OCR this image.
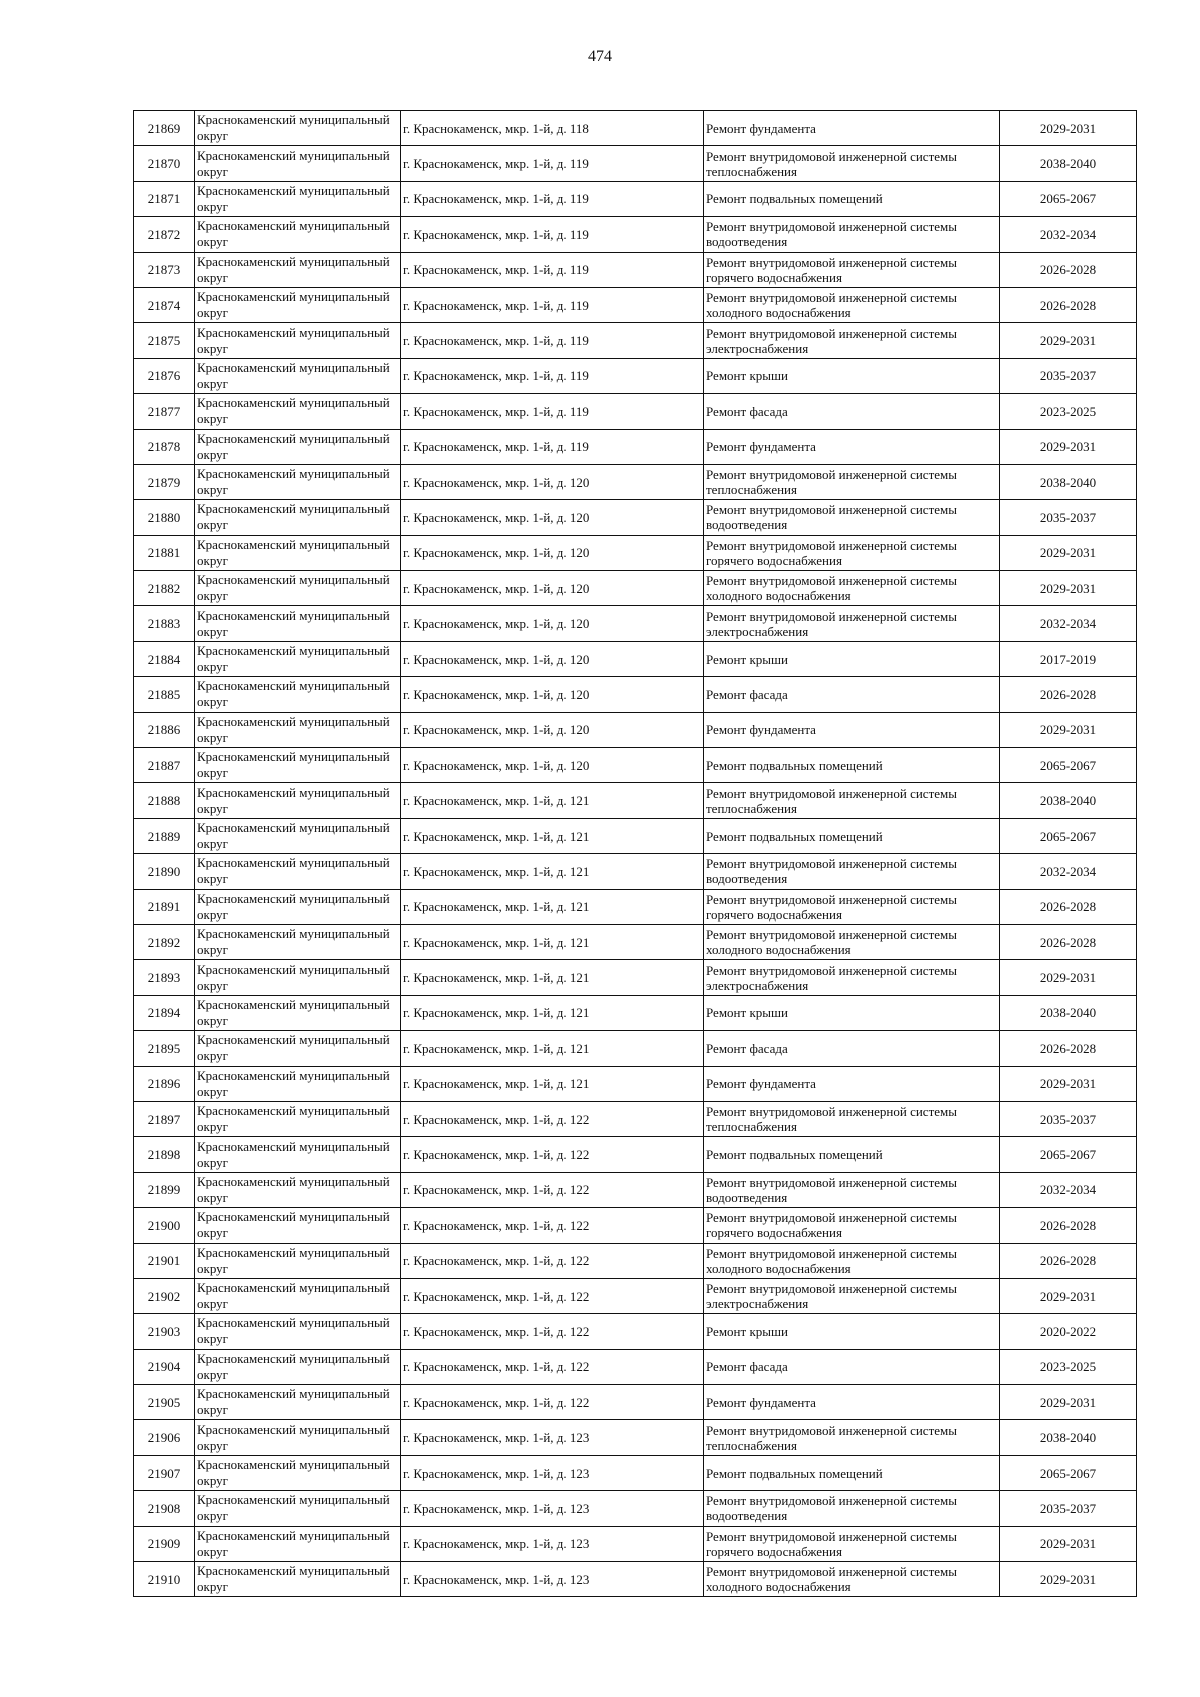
474
21869	Краснокаменский муниципальный округ	г. Краснокаменск, мкр. 1-й, д. 118	Ремонт фундамента	2029-2031
21870	Краснокаменский муниципальный округ	г. Краснокаменск, мкр. 1-й, д. 119	Ремонт внутридомовой инженерной системы теплоснабжения	2038-2040
21871	Краснокаменский муниципальный округ	г. Краснокаменск, мкр. 1-й, д. 119	Ремонт подвальных помещений	2065-2067
21872	Краснокаменский муниципальный округ	г. Краснокаменск, мкр. 1-й, д. 119	Ремонт внутридомовой инженерной системы водоотведения	2032-2034
21873	Краснокаменский муниципальный округ	г. Краснокаменск, мкр. 1-й, д. 119	Ремонт внутридомовой инженерной системы горячего водоснабжения	2026-2028
21874	Краснокаменский муниципальный округ	г. Краснокаменск, мкр. 1-й, д. 119	Ремонт внутридомовой инженерной системы холодного водоснабжения	2026-2028
21875	Краснокаменский муниципальный округ	г. Краснокаменск, мкр. 1-й, д. 119	Ремонт внутридомовой инженерной системы электроснабжения	2029-2031
21876	Краснокаменский муниципальный округ	г. Краснокаменск, мкр. 1-й, д. 119	Ремонт крыши	2035-2037
21877	Краснокаменский муниципальный округ	г. Краснокаменск, мкр. 1-й, д. 119	Ремонт фасада	2023-2025
21878	Краснокаменский муниципальный округ	г. Краснокаменск, мкр. 1-й, д. 119	Ремонт фундамента	2029-2031
21879	Краснокаменский муниципальный округ	г. Краснокаменск, мкр. 1-й, д. 120	Ремонт внутридомовой инженерной системы теплоснабжения	2038-2040
21880	Краснокаменский муниципальный округ	г. Краснокаменск, мкр. 1-й, д. 120	Ремонт внутридомовой инженерной системы водоотведения	2035-2037
21881	Краснокаменский муниципальный округ	г. Краснокаменск, мкр. 1-й, д. 120	Ремонт внутридомовой инженерной системы горячего водоснабжения	2029-2031
21882	Краснокаменский муниципальный округ	г. Краснокаменск, мкр. 1-й, д. 120	Ремонт внутридомовой инженерной системы холодного водоснабжения	2029-2031
21883	Краснокаменский муниципальный округ	г. Краснокаменск, мкр. 1-й, д. 120	Ремонт внутридомовой инженерной системы электроснабжения	2032-2034
21884	Краснокаменский муниципальный округ	г. Краснокаменск, мкр. 1-й, д. 120	Ремонт крыши	2017-2019
21885	Краснокаменский муниципальный округ	г. Краснокаменск, мкр. 1-й, д. 120	Ремонт фасада	2026-2028
21886	Краснокаменский муниципальный округ	г. Краснокаменск, мкр. 1-й, д. 120	Ремонт фундамента	2029-2031
21887	Краснокаменский муниципальный округ	г. Краснокаменск, мкр. 1-й, д. 120	Ремонт подвальных помещений	2065-2067
21888	Краснокаменский муниципальный округ	г. Краснокаменск, мкр. 1-й, д. 121	Ремонт внутридомовой инженерной системы теплоснабжения	2038-2040
21889	Краснокаменский муниципальный округ	г. Краснокаменск, мкр. 1-й, д. 121	Ремонт подвальных помещений	2065-2067
21890	Краснокаменский муниципальный округ	г. Краснокаменск, мкр. 1-й, д. 121	Ремонт внутридомовой инженерной системы водоотведения	2032-2034
21891	Краснокаменский муниципальный округ	г. Краснокаменск, мкр. 1-й, д. 121	Ремонт внутридомовой инженерной системы горячего водоснабжения	2026-2028
21892	Краснокаменский муниципальный округ	г. Краснокаменск, мкр. 1-й, д. 121	Ремонт внутридомовой инженерной системы холодного водоснабжения	2026-2028
21893	Краснокаменский муниципальный округ	г. Краснокаменск, мкр. 1-й, д. 121	Ремонт внутридомовой инженерной системы электроснабжения	2029-2031
21894	Краснокаменский муниципальный округ	г. Краснокаменск, мкр. 1-й, д. 121	Ремонт крыши	2038-2040
21895	Краснокаменский муниципальный округ	г. Краснокаменск, мкр. 1-й, д. 121	Ремонт фасада	2026-2028
21896	Краснокаменский муниципальный округ	г. Краснокаменск, мкр. 1-й, д. 121	Ремонт фундамента	2029-2031
21897	Краснокаменский муниципальный округ	г. Краснокаменск, мкр. 1-й, д. 122	Ремонт внутридомовой инженерной системы теплоснабжения	2035-2037
21898	Краснокаменский муниципальный округ	г. Краснокаменск, мкр. 1-й, д. 122	Ремонт подвальных помещений	2065-2067
21899	Краснокаменский муниципальный округ	г. Краснокаменск, мкр. 1-й, д. 122	Ремонт внутридомовой инженерной системы водоотведения	2032-2034
21900	Краснокаменский муниципальный округ	г. Краснокаменск, мкр. 1-й, д. 122	Ремонт внутридомовой инженерной системы горячего водоснабжения	2026-2028
21901	Краснокаменский муниципальный округ	г. Краснокаменск, мкр. 1-й, д. 122	Ремонт внутридомовой инженерной системы холодного водоснабжения	2026-2028
21902	Краснокаменский муниципальный округ	г. Краснокаменск, мкр. 1-й, д. 122	Ремонт внутридомовой инженерной системы электроснабжения	2029-2031
21903	Краснокаменский муниципальный округ	г. Краснокаменск, мкр. 1-й, д. 122	Ремонт крыши	2020-2022
21904	Краснокаменский муниципальный округ	г. Краснокаменск, мкр. 1-й, д. 122	Ремонт фасада	2023-2025
21905	Краснокаменский муниципальный округ	г. Краснокаменск, мкр. 1-й, д. 122	Ремонт фундамента	2029-2031
21906	Краснокаменский муниципальный округ	г. Краснокаменск, мкр. 1-й, д. 123	Ремонт внутридомовой инженерной системы теплоснабжения	2038-2040
21907	Краснокаменский муниципальный округ	г. Краснокаменск, мкр. 1-й, д. 123	Ремонт подвальных помещений	2065-2067
21908	Краснокаменский муниципальный округ	г. Краснокаменск, мкр. 1-й, д. 123	Ремонт внутридомовой инженерной системы водоотведения	2035-2037
21909	Краснокаменский муниципальный округ	г. Краснокаменск, мкр. 1-й, д. 123	Ремонт внутридомовой инженерной системы горячего водоснабжения	2029-2031
21910	Краснокаменский муниципальный округ	г. Краснокаменск, мкр. 1-й, д. 123	Ремонт внутридомовой инженерной системы холодного водоснабжения	2029-2031
